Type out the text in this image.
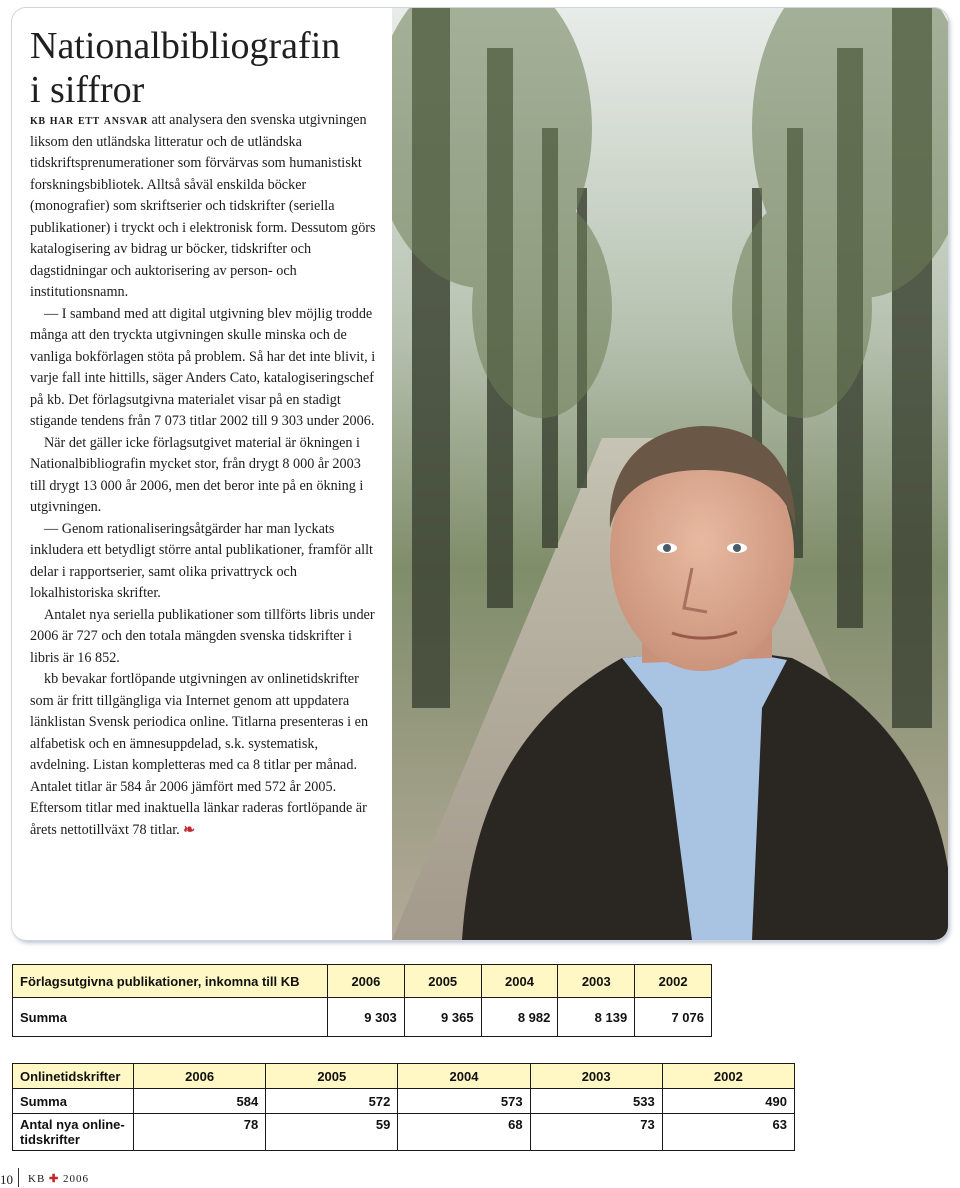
Nationalbibliografin
i siffror

kb har ett ansvar att analysera den svenska utgivningen liksom den utländska litteratur och de utländska tidskriftsprenumerationer som förvärvas som humanistiskt forskningsbibliotek. Alltså såväl enskilda böcker (monografier) som skriftserier och tidskrifter (seriella publikationer) i tryckt och i elektronisk form. Dessutom görs katalogisering av bidrag ur böcker, tidskrifter och dagstidningar och auktorisering av person- och institutionsnamn.

— I samband med att digital utgivning blev möjlig trodde många att den tryckta utgivningen skulle minska och de vanliga bokförlagen stöta på problem. Så har det inte blivit, i varje fall inte hittills, säger Anders Cato, katalogiseringschef på kb. Det förlagsutgivna materialet visar på en stadigt stigande tendens från 7 073 titlar 2002 till 9 303 under 2006.

När det gäller icke förlagsutgivet material är ökningen i Nationalbibliografin mycket stor, från drygt 8 000 år 2003 till drygt 13 000 år 2006, men det beror inte på en ökning i utgivningen.

— Genom rationaliseringsåtgärder har man lyckats inkludera ett betydligt större antal publikationer, framför allt delar i rapportserier, samt olika privattryck och lokalhistoriska skrifter.

Antalet nya seriella publikationer som tillförts libris under 2006 är 727 och den totala mängden svenska tidskrifter i libris är 16 852.

kb bevakar fortlöpande utgivningen av onlinetidskrifter som är fritt tillgängliga via Internet genom att uppdatera länklistan Svensk periodica online. Titlarna presenteras i en alfabetisk och en ämnesuppdelad, s.k. systematisk, avdelning. Listan kompletteras med ca 8 titlar per månad. Antalet titlar är 584 år 2006 jämfört med 572 år 2005. Eftersom titlar med inaktuella länkar raderas fortlöpande är årets nettotillväxt 78 titlar. ❧

Förlagsutgivna publikationer, inkomna till KB	2006	2005	2004	2003	2002
Summa	9 303	9 365	8 982	8 139	7 076
Onlinetidskrifter	2006	2005	2004	2003	2002
Summa	584	572	573	533	490
Antal nya online-tidskrifter	78	59	68	73	63
10 KB ✚ 2006
